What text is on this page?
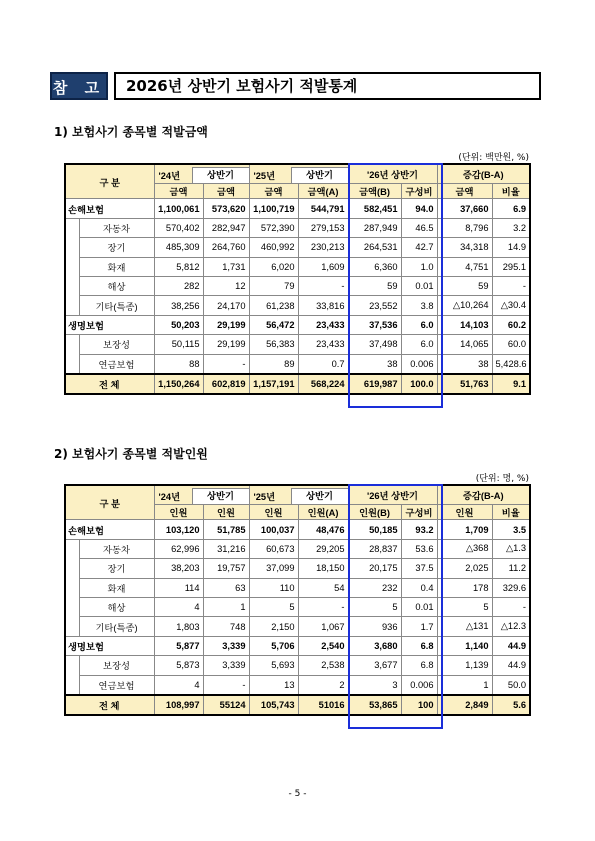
참 고	2026년 상반기 보험사기 적발통계
1) 보험사기 종목별 적발금액
(단위: 백만원, %)
구 분		'24년 상반기		'25년 상반기		'26년 상반기		증감(B-A)	
		금액	금액	금액	금액(A)	금액(B)	구성비	금액	비율
손해보험		1,100,061	573,620	1,100,719	544,791	582,451	94.0	37,660	6.9
	자동차	570,402	282,947	572,390	279,153	287,949	46.5	8,796	3.2
	장기	485,309	264,760	460,992	230,213	264,531	42.7	34,318	14.9
	화재	5,812	1,731	6,020	1,609	6,360	1.0	4,751	295.1
	해상	282	12	79	-	59	0.01	59	-
	기타(특종)	38,256	24,170	61,238	33,816	23,552	3.8	△10,264	△30.4
생명보험		50,203	29,199	56,472	23,433	37,536	6.0	14,103	60.2
	보장성	50,115	29,199	56,383	23,433	37,498	6.0	14,065	60.0
	연금보험	88	-	89	0.7	38	0.006	38	5,428.6
전 체		1,150,264	602,819	1,157,191	568,224	619,987	100.0	51,763	9.1
2) 보험사기 종목별 적발인원
(단위: 명, %)
구 분		'24년 상반기		'25년 상반기		'26년 상반기		증감(B-A)	
		인원	인원	인원	인원(A)	인원(B)	구성비	인원	비율
손해보험		103,120	51,785	100,037	48,476	50,185	93.2	1,709	3.5
	자동차	62,996	31,216	60,673	29,205	28,837	53.6	△368	△1.3
	장기	38,203	19,757	37,099	18,150	20,175	37.5	2,025	11.2
	화재	114	63	110	54	232	0.4	178	329.6
	해상	4	1	5	-	5	0.01	5	-
	기타(특종)	1,803	748	2,150	1,067	936	1.7	△131	△12.3
생명보험		5,877	3,339	5,706	2,540	3,680	6.8	1,140	44.9
	보장성	5,873	3,339	5,693	2,538	3,677	6.8	1,139	44.9
	연금보험	4	-	13	2	3	0.006	1	50.0
전 체		108,997	55124	105,743	51016	53,865	100	2,849	5.6
- 5 -
